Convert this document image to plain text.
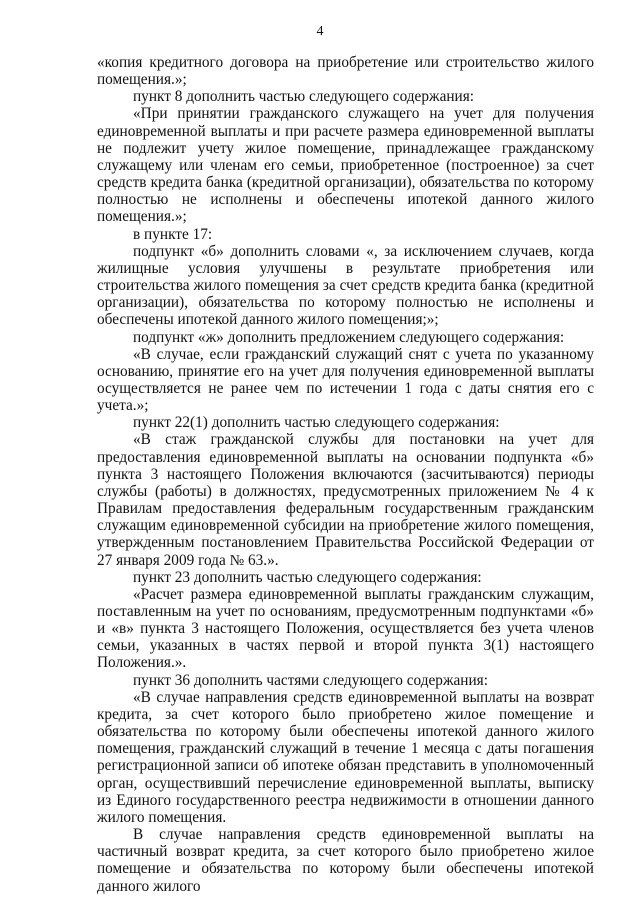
4

«копия кредитного договора на приобретение или строительство жилого помещения.»;

пункт 8 дополнить частью следующего содержания:

«При принятии гражданского служащего на учет для получения единовременной выплаты и при расчете размера единовременной выплаты не подлежит учету жилое помещение, принадлежащее гражданскому служащему или членам его семьи, приобретенное (построенное) за счет средств кредита банка (кредитной организации), обязательства по которому полностью не исполнены и обеспечены ипотекой данного жилого помещения.»;

в пункте 17:

подпункт «б» дополнить словами «, за исключением случаев, когда жилищные условия улучшены в результате приобретения или строительства жилого помещения за счет средств кредита банка (кредитной организации), обязательства по которому полностью не исполнены и обеспечены ипотекой данного жилого помещения;»;

подпункт «ж» дополнить предложением следующего содержания:

«В случае, если гражданский служащий снят с учета по указанному основанию, принятие его на учет для получения единовременной выплаты осуществляется не ранее чем по истечении 1 года с даты снятия его с учета.»;

пункт 22(1) дополнить частью следующего содержания:

«В стаж гражданской службы для постановки на учет для предоставления единовременной выплаты на основании подпункта «б» пункта 3 настоящего Положения включаются (засчитываются) периоды службы (работы) в должностях, предусмотренных приложением № 4 к Правилам предоставления федеральным государственным гражданским служащим единовременной субсидии на приобретение жилого помещения, утвержденным постановлением Правительства Российской Федерации от 27 января 2009 года № 63.».

пункт 23 дополнить частью следующего содержания:

«Расчет размера единовременной выплаты гражданским служащим, поставленным на учет по основаниям, предусмотренным подпунктами «б» и «в» пункта 3 настоящего Положения, осуществляется без учета членов семьи, указанных в частях первой и второй пункта 3(1) настоящего Положения.».

пункт 36 дополнить частями следующего содержания:

«В случае направления средств единовременной выплаты на возврат кредита, за счет которого было приобретено жилое помещение и обязательства по которому были обеспечены ипотекой данного жилого помещения, гражданский служащий в течение 1 месяца с даты погашения регистрационной записи об ипотеке обязан представить в уполномоченный орган, осуществивший перечисление единовременной выплаты, выписку из Единого государственного реестра недвижимости в отношении данного жилого помещения.

В случае направления средств единовременной выплаты на частичный возврат кредита, за счет которого было приобретено жилое помещение и обязательства по которому были обеспечены ипотекой данного жилого
